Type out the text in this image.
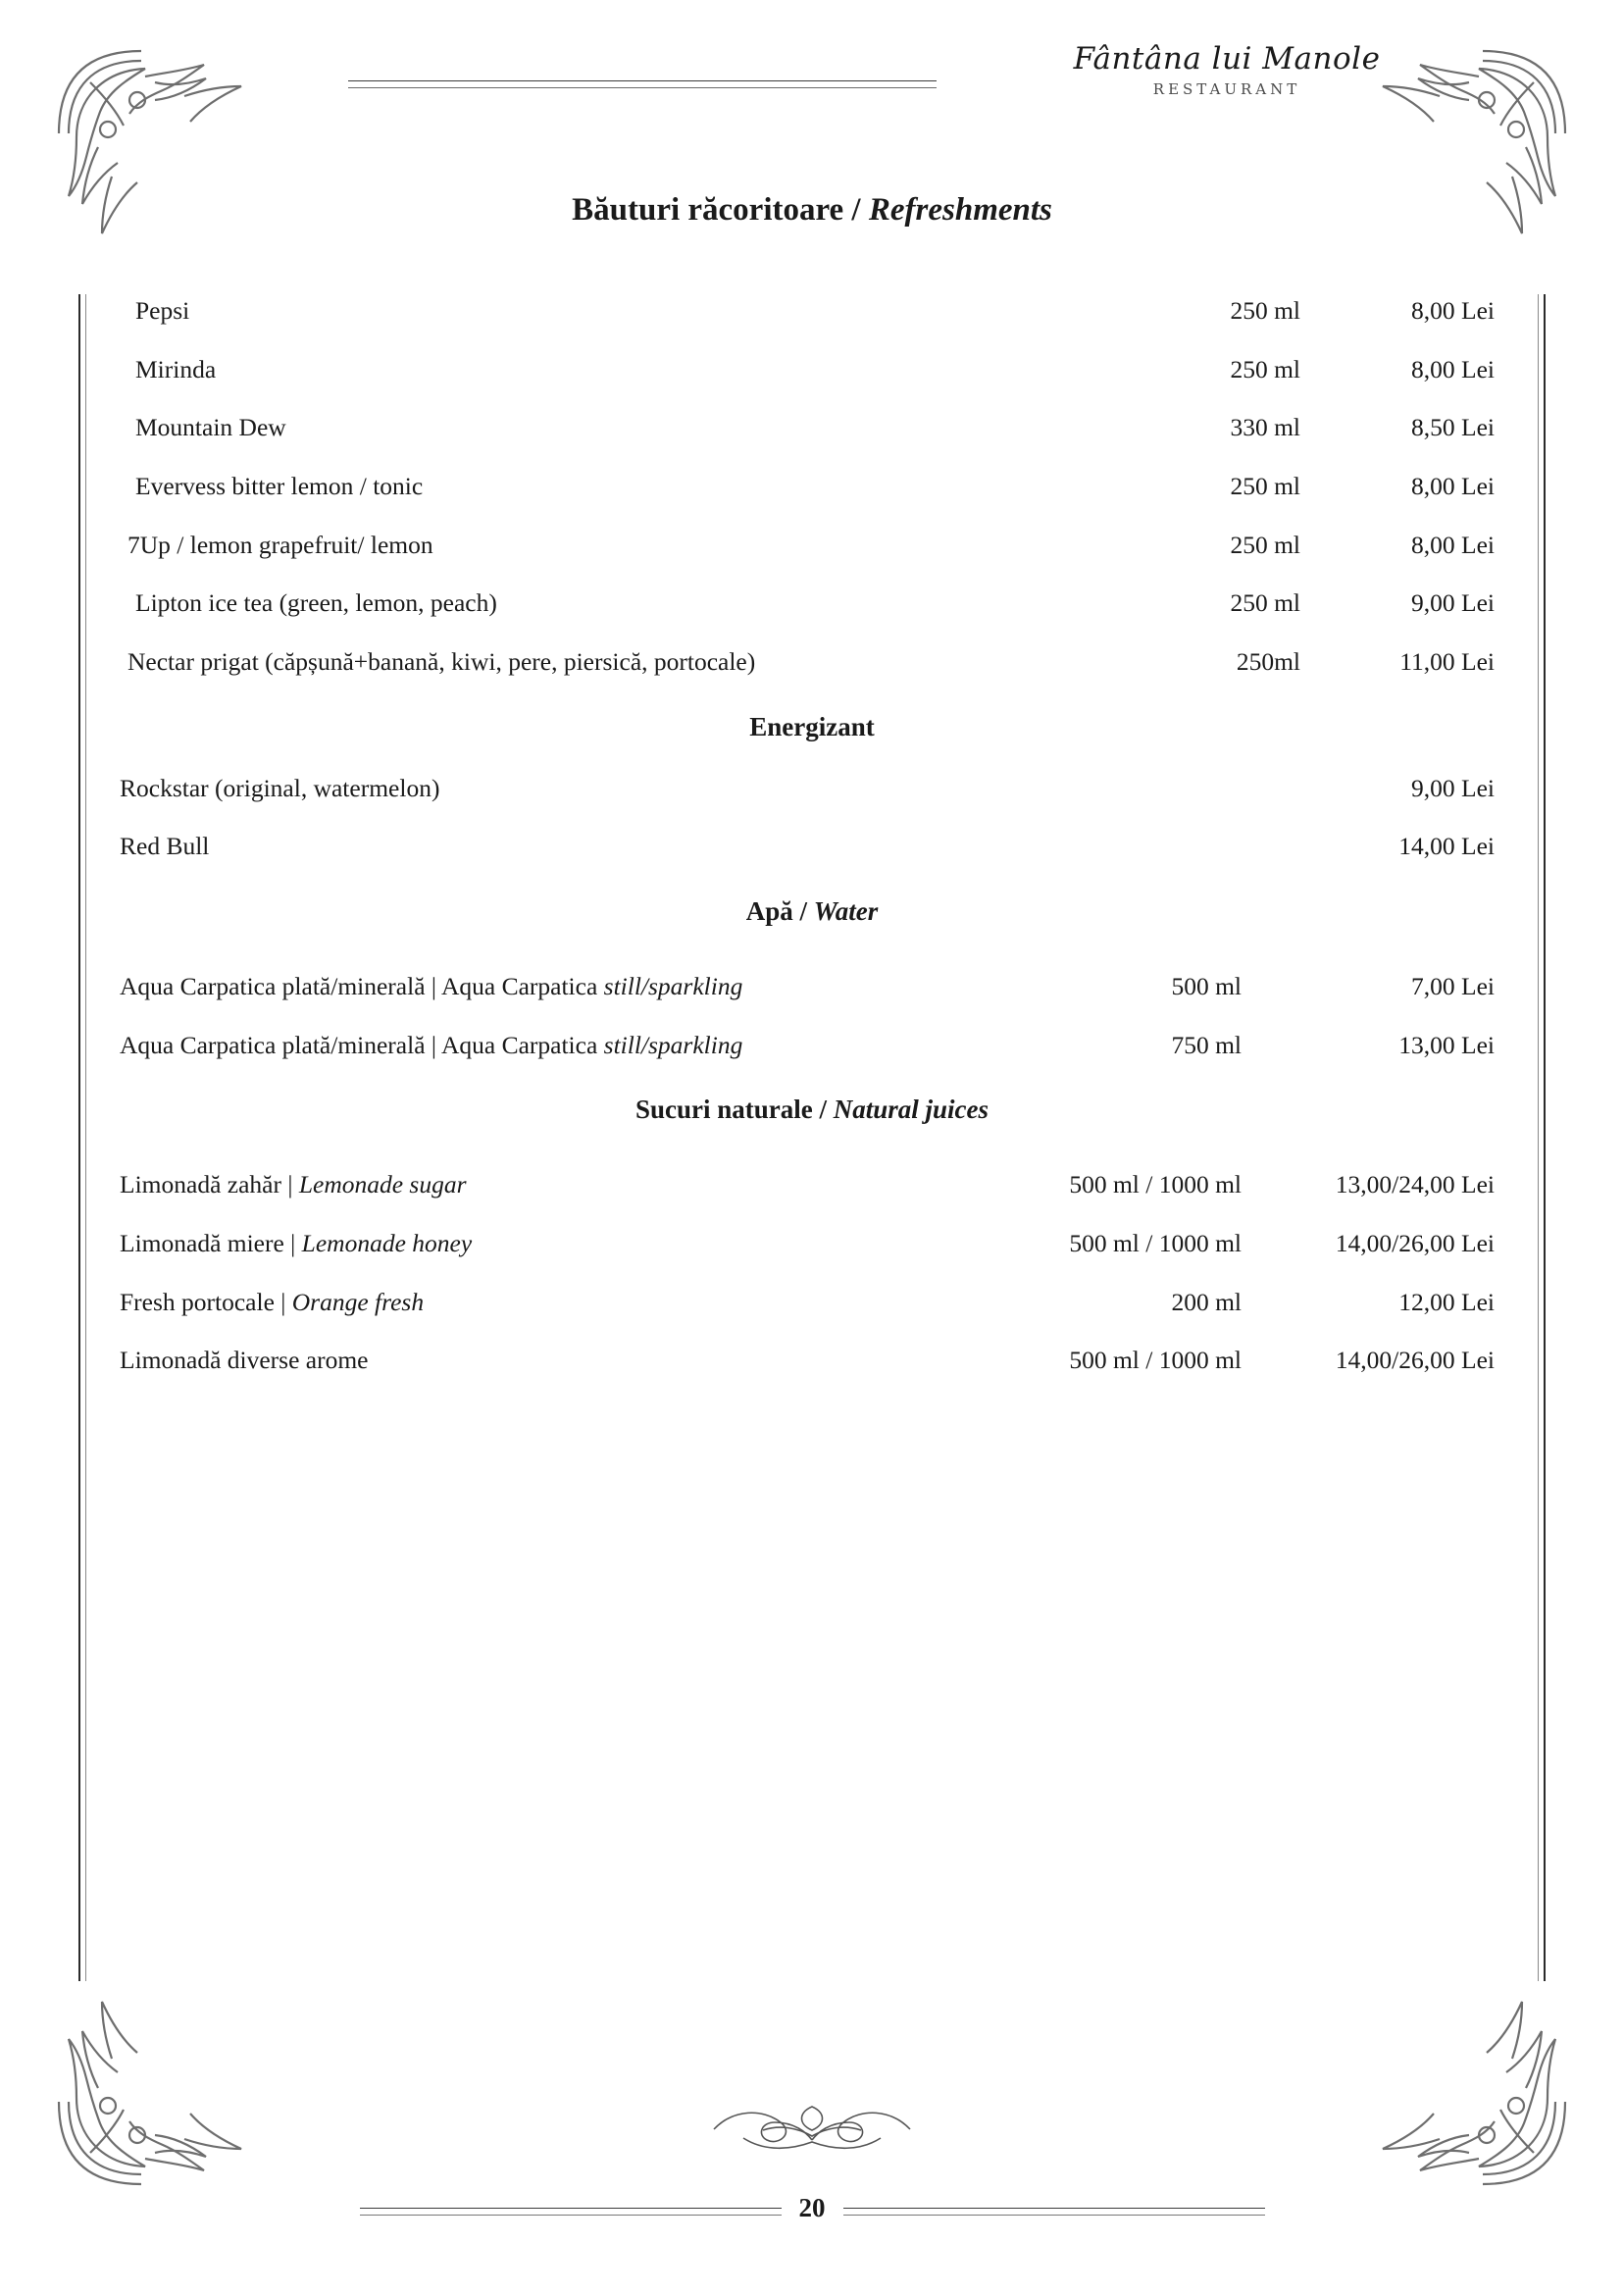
Fântâna lui Manole
RESTAURANT
Băuturi răcoritoare / Refreshments
Pepsi	250 ml	8,00 Lei
Mirinda	250 ml	8,00 Lei
Mountain Dew	330 ml	8,50 Lei
Evervess bitter lemon / tonic	250 ml	8,00 Lei
7Up / lemon grapefruit/ lemon	250 ml	8,00 Lei
Lipton ice tea (green, lemon, peach)	250 ml	9,00 Lei
Nectar prigat (căpșună+banană, kiwi, pere, piersică, portocale)	250ml	11,00 Lei
Energizant
Rockstar (original, watermelon)	9,00 Lei
Red Bull	14,00 Lei
Apă / Water
Aqua Carpatica plată/minerală | Aqua Carpatica still/sparkling	500 ml	7,00 Lei
Aqua Carpatica plată/minerală | Aqua Carpatica still/sparkling	750 ml	13,00 Lei
Sucuri naturale / Natural juices
Limonadă zahăr | Lemonade sugar	500 ml / 1000 ml	13,00/24,00 Lei
Limonadă miere | Lemonade honey	500 ml / 1000 ml	14,00/26,00 Lei
Fresh portocale | Orange fresh	200 ml	12,00 Lei
Limonadă diverse arome	500 ml / 1000 ml	14,00/26,00 Lei
20
